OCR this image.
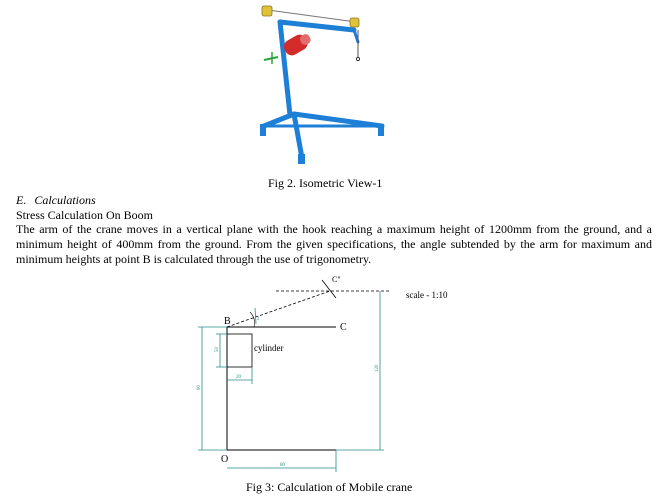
Fig 2. Isometric View-1
E. Calculations
Stress Calculation On Boom

The arm of the crane moves in a vertical plane with the hook reaching a maximum height of 1200mm from the ground, and a minimum height of 400mm from the ground. From the given specifications, the angle subtended by the arm for maximum and minimum heights at point B is calculated through the use of trigonometry.

B
C
C"
O
cylinder
scale - 1:10
50
20
90
80
120
2
Fig 3: Calculation of Mobile crane
